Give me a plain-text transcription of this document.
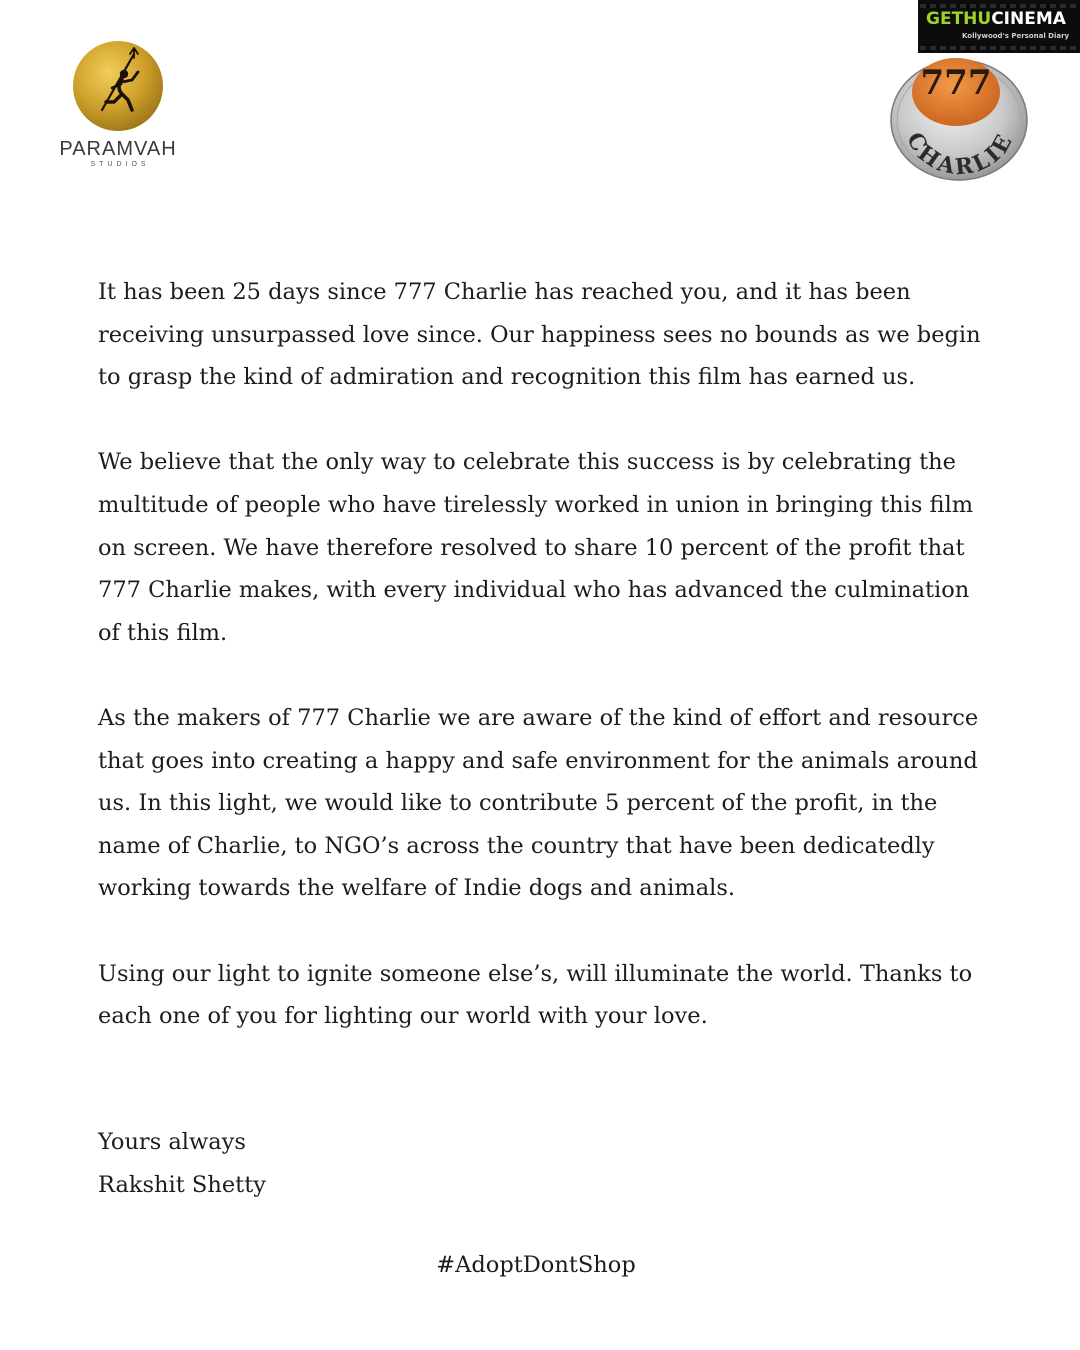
PARAMVAH
STUDIOS
GETHUCINEMA
Kollywood's Personal Diary
777
CHARLIE

It has been 25 days since 777 Charlie has reached you, and it has been receiving unsurpassed love since. Our happiness sees no bounds as we begin to grasp the kind of admiration and recognition this film has earned us.

We believe that the only way to celebrate this success is by celebrating the multitude of people who have tirelessly worked in union in bringing this film on screen. We have therefore resolved to share 10 percent of the profit that 777 Charlie makes, with every individual who has advanced the culmination of this film.

As the makers of 777 Charlie we are aware of the kind of effort and resource that goes into creating a happy and safe environment for the animals around us. In this light, we would like to contribute 5 percent of the profit, in the name of Charlie, to NGO’s across the country that have been dedicatedly working towards the welfare of Indie dogs and animals.

Using our light to ignite someone else’s, will illuminate the world. Thanks to each one of you for lighting our world with your love.

Yours always
Rakshit Shetty
#AdoptDontShop
